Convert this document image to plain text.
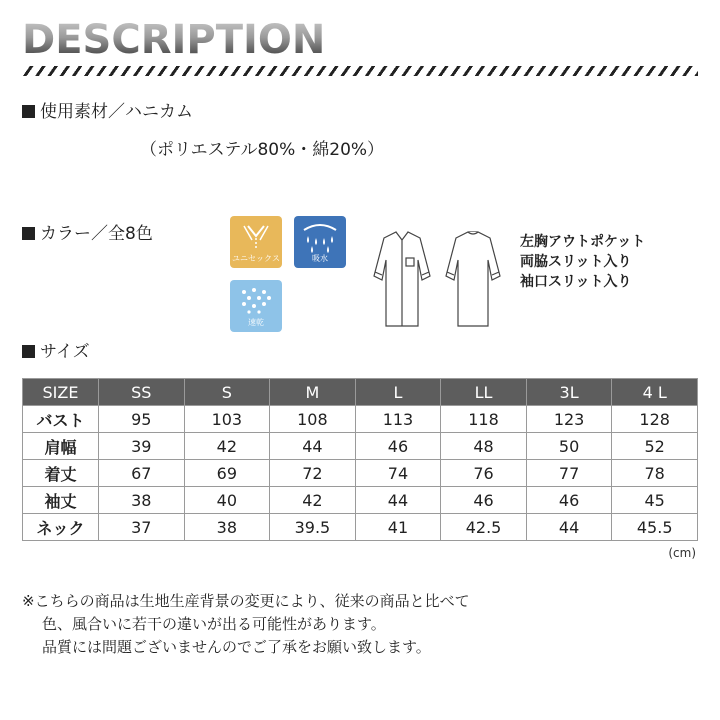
DESCRIPTION
使用素材／ハニカム
（ポリエステル80%・綿20%）
カラー／全8色
ユニセックス	吸水
速乾
左胸アウトポケット
両脇スリット入り
袖口スリット入り
サイズ
SIZE	SS	S	M	L	LL	3L	4 L
バスト	95	103	108	113	118	123	128
肩幅	39	42	44	46	48	50	52
着丈	67	69	72	74	76	77	78
袖丈	38	40	42	44	46	46	45
ネック	37	38	39.5	41	42.5	44	45.5
(cm)
※こちらの商品は生地生産背景の変更により、従来の商品と比べて
色、風合いに若干の違いが出る可能性があります。
品質には問題ございませんのでご了承をお願い致します。
